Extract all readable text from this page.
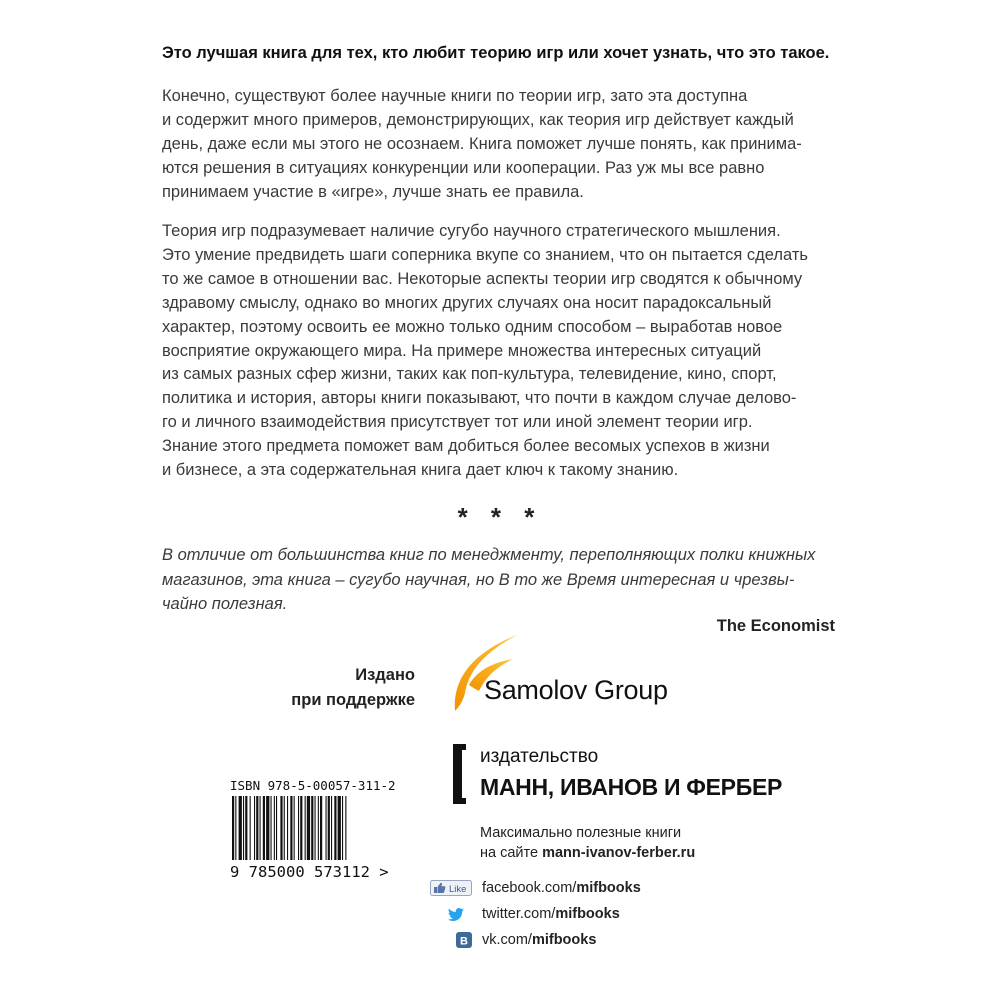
Это лучшая книга для тех, кто любит теорию игр или хочет узнать, что это такое.
Конечно, существуют более научные книги по теории игр, зато эта доступна
и содержит много примеров, демонстрирующих, как теория игр действует каждый
день, даже если мы этого не осознаем. Книга поможет лучше понять, как принима-
ются решения в ситуациях конкуренции или кооперации. Раз уж мы все равно
принимаем участие в «игре», лучше знать ее правила.
Теория игр подразумевает наличие сугубо научного стратегического мышления.
Это умение предвидеть шаги соперника вкупе со знанием, что он пытается сделать
то же самое в отношении вас. Некоторые аспекты теории игр сводятся к обычному
здравому смыслу, однако во многих других случаях она носит парадоксальный
характер, поэтому освоить ее можно только одним способом – выработав новое
восприятие окружающего мира. На примере множества интересных ситуаций
из самых разных сфер жизни, таких как поп-культура, телевидение, кино, спорт,
политика и история, авторы книги показывают, что почти в каждом случае делово-
го и личного взаимодействия присутствует тот или иной элемент теории игр.
Знание этого предмета поможет вам добиться более весомых успехов в жизни
и бизнесе, а эта содержательная книга дает ключ к такому знанию.
* * *
В отличие от большинства книг по менеджменту, переполняющих полки книжных
магазинов, эта книга – сугубо научная, но В то же Время интересная и чрезвы-
чайно полезная.
The Economist
Издано
при поддержке	Samolov Group
ISBN 978-5-00057-311-2
9 785000 573112 >
издательство
МАНН, ИВАНОВ И ФЕРБЕР
Максимально полезные книги
на сайте mann-ivanov-ferber.ru
Like facebook.com/mifbooks
twitter.com/mifbooks
B vk.com/mifbooks
